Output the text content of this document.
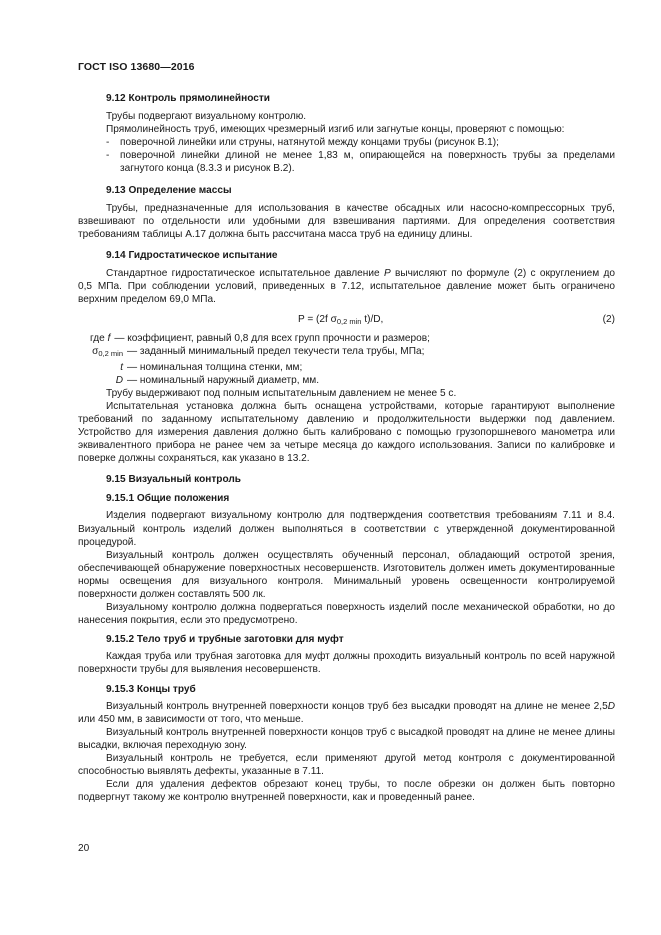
ГОСТ ISO 13680—2016
9.12 Контроль прямолинейности

Трубы подвергают визуальному контролю.

Прямолинейность труб, имеющих чрезмерный изгиб или загнутые концы, проверяют с помощью:

- поверочной линейки или струны, натянутой между концами трубы (рисунок В.1);
- поверочной линейки длиной не менее 1,83 м, опирающейся на поверхность трубы за пределами загнутого конца (8.3.3 и рисунок В.2).
9.13 Определение массы

Трубы, предназначенные для использования в качестве обсадных или насосно-компрессорных труб, взвешивают по отдельности или удобными для взвешивания партиями. Для определения соответствия требованиям таблицы А.17 должна быть рассчитана масса труб на единицу длины.

9.14 Гидростатическое испытание

Стандартное гидростатическое испытательное давление P вычисляют по формуле (2) с округлением до 0,5 МПа. При соблюдении условий, приведенных в 7.12, испытательное давление может быть ограничено верхним пределом 69,0 МПа.

P = (2f $\sigma_{0,2 min}$ t)/D,	(2)
где f — коэффициент, равный 0,8 для всех групп прочности и размеров;
$\sigma_{0,2 min}$ — заданный минимальный предел текучести тела трубы, МПа;
t — номинальная толщина стенки, мм;
D — номинальный наружный диаметр, мм.

Трубу выдерживают под полным испытательным давлением не менее 5 с.

Испытательная установка должна быть оснащена устройствами, которые гарантируют выполнение требований по заданному испытательному давлению и продолжительности выдержки под давлением. Устройство для измерения давления должно быть калибровано с помощью грузопоршневого манометра или эквивалентного прибора не ранее чем за четыре месяца до каждого использования. Записи по калибровке и поверке должны сохраняться, как указано в 13.2.

9.15 Визуальный контроль
9.15.1 Общие положения

Изделия подвергают визуальному контролю для подтверждения соответствия требованиям 7.11 и 8.4. Визуальный контроль изделий должен выполняться в соответствии с утвержденной документированной процедурой.

Визуальный контроль должен осуществлять обученный персонал, обладающий остротой зрения, обеспечивающей обнаружение поверхностных несовершенств. Изготовитель должен иметь документированные нормы освещения для визуального контроля. Минимальный уровень освещенности контролируемой поверхности должен составлять 500 лк.

Визуальному контролю должна подвергаться поверхность изделий после механической обработки, но до нанесения покрытия, если это предусмотрено.

9.15.2 Тело труб и трубные заготовки для муфт

Каждая труба или трубная заготовка для муфт должны проходить визуальный контроль по всей наружной поверхности трубы для выявления несовершенств.

9.15.3 Концы труб

Визуальный контроль внутренней поверхности концов труб без высадки проводят на длине не менее 2,5D или 450 мм, в зависимости от того, что меньше.

Визуальный контроль внутренней поверхности концов труб с высадкой проводят на длине не менее длины высадки, включая переходную зону.

Визуальный контроль не требуется, если применяют другой метод контроля с документированной способностью выявлять дефекты, указанные в 7.11.

Если для удаления дефектов обрезают конец трубы, то после обрезки он должен быть повторно подвергнут такому же контролю внутренней поверхности, как и проведенный ранее.

20
